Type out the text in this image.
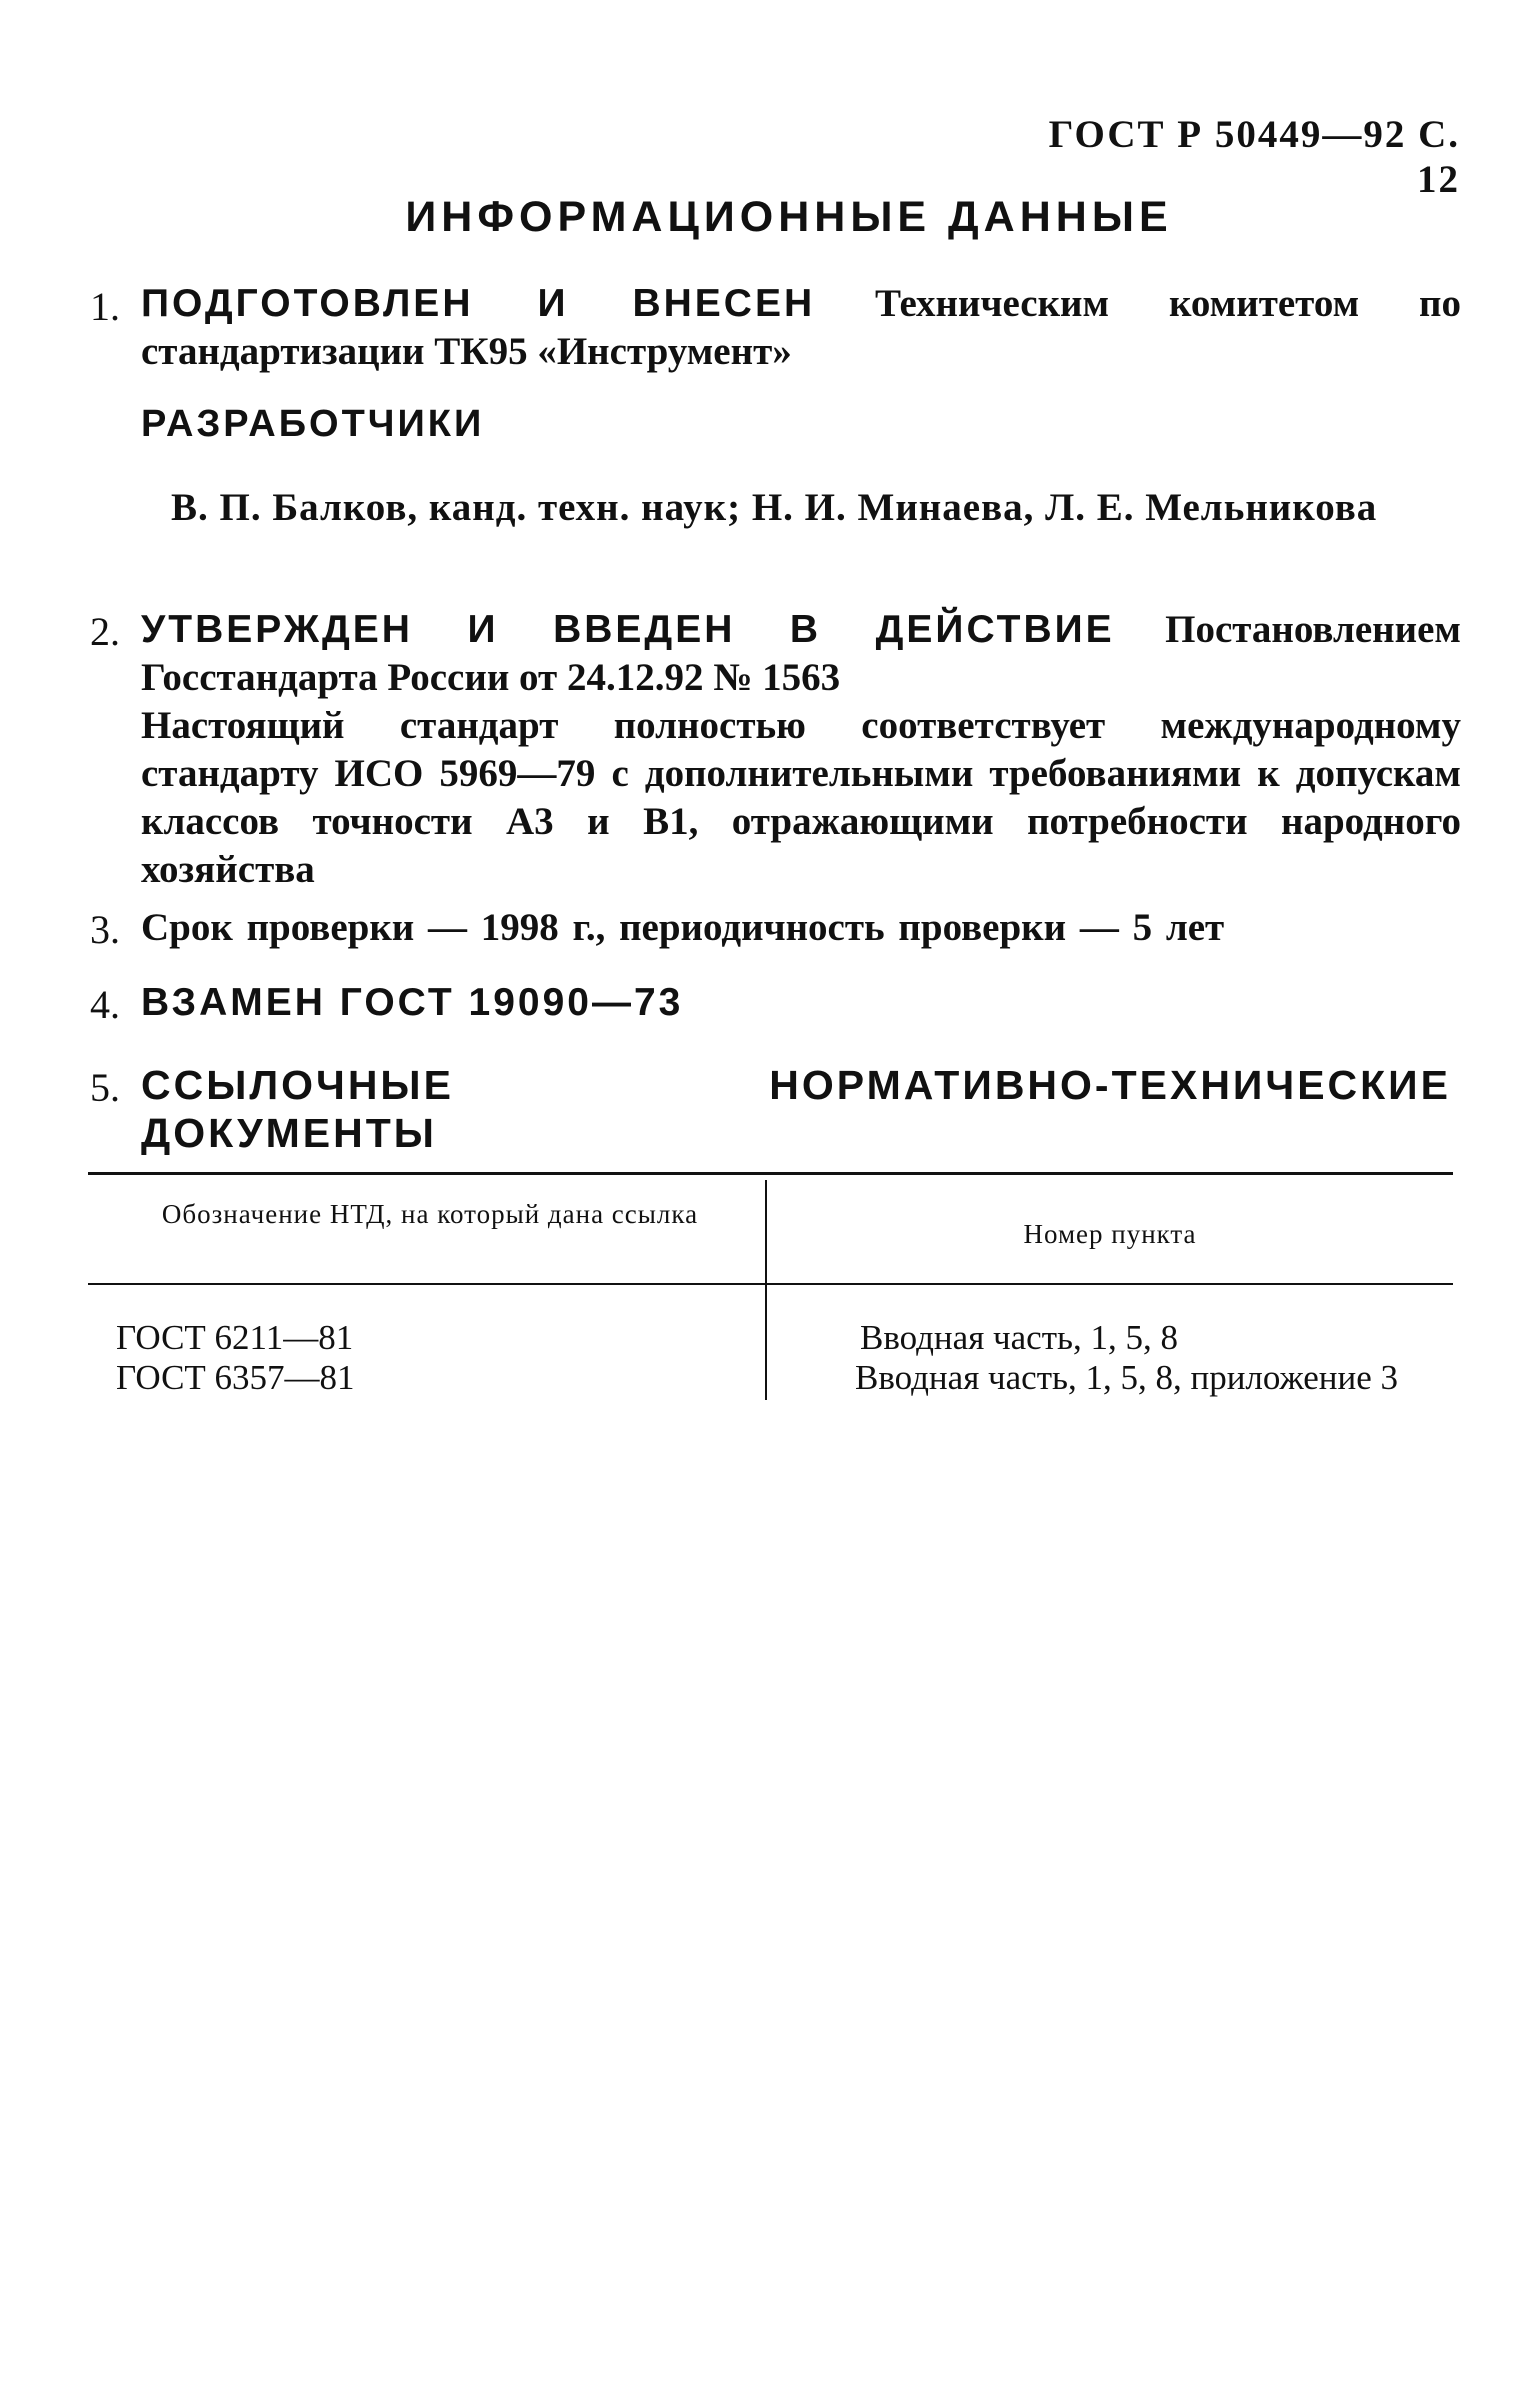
ГОСТ Р 50449—92 С. 12
ИНФОРМАЦИОННЫЕ ДАННЫЕ
1. ПОДГОТОВЛЕН И ВНЕСЕН Техническим комитетом по стандартизации ТК95 «Инструмент»
РАЗРАБОТЧИКИ
В. П. Балков, канд. техн. наук; Н. И. Минаева, Л. Е. Мельникова
2. УТВЕРЖДЕН И ВВЕДЕН В ДЕЙСТВИЕ Постановлением Госстандарта России от 24.12.92 № 1563
Настоящий стандарт полностью соответствует международному стандарту ИСО 5969—79 с дополнительными требованиями к допускам классов точности А3 и В1, отражающими потребности народного хозяйства
3. Срок проверки — 1998 г., периодичность проверки — 5 лет
4. ВЗАМЕН ГОСТ 19090—73
5. ССЫЛОЧНЫЕ НОРМАТИВНО-ТЕХНИЧЕСКИЕ ДОКУМЕНТЫ
Обозначение НТД, на который дана ссылка
Номер пункта
ГОСТ 6211—81	Вводная часть, 1, 5, 8
ГОСТ 6357—81	Вводная часть, 1, 5, 8, приложение 3
